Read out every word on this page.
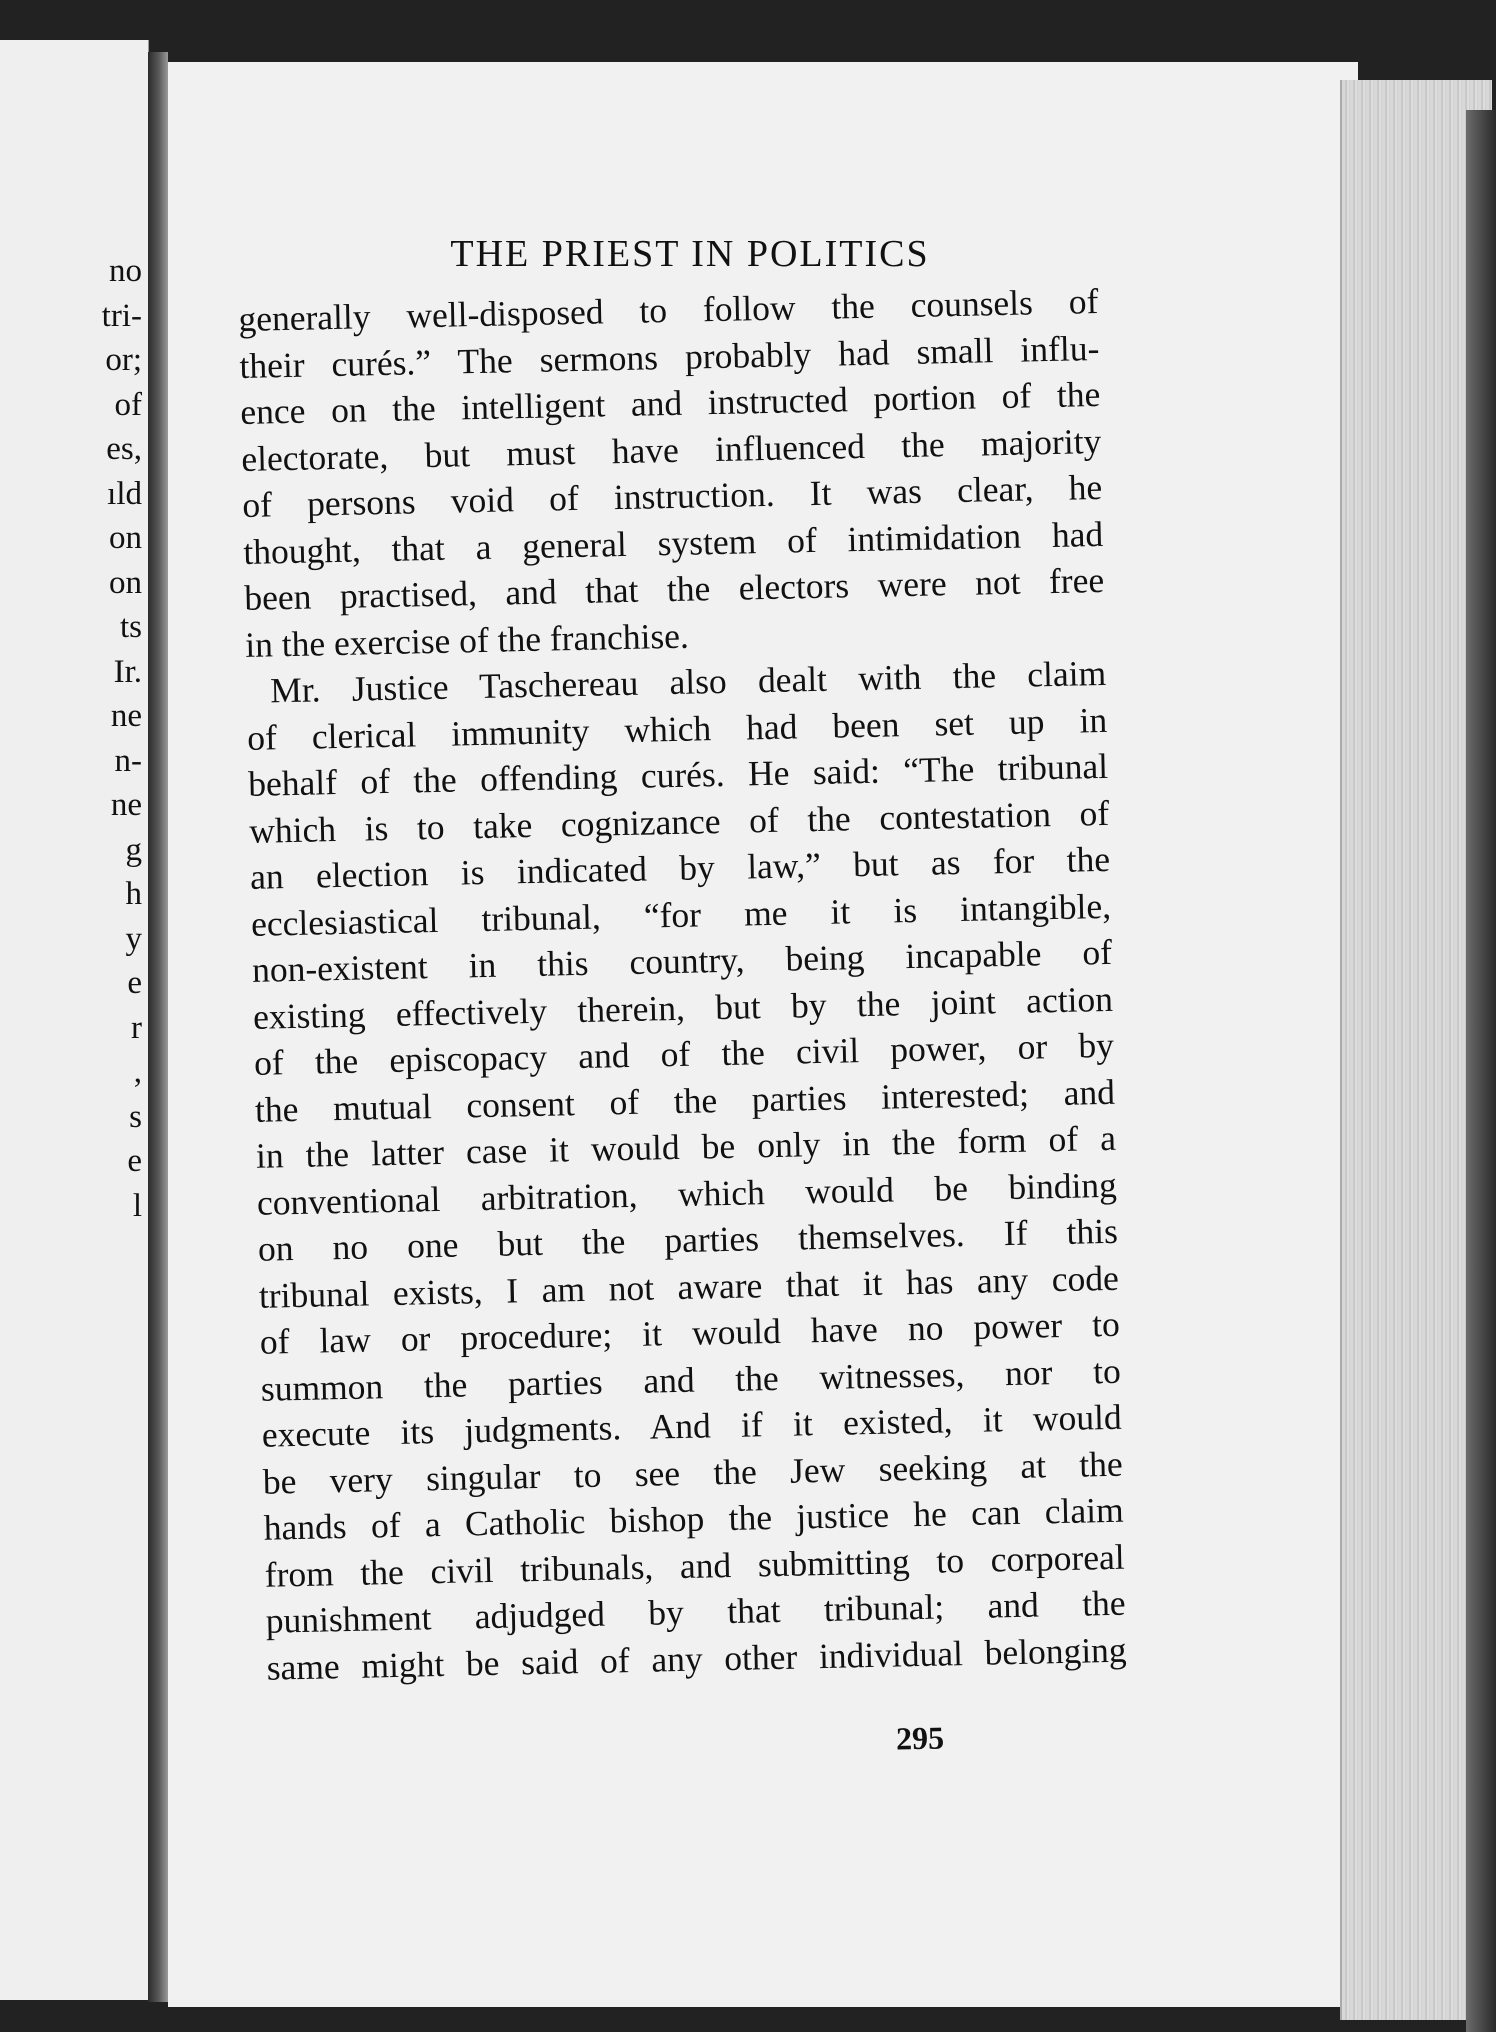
no
tri-
or;
of
es,
ıld
on
on
ts
Ir.
ne
n-
ne
g
h
y
e
r
,
s
e
l
THE PRIEST IN POLITICS
generally well-disposed to follow the counsels of
their curés.” The sermons probably had small influ-
ence on the intelligent and instructed portion of the
electorate, but must have influenced the majority
of persons void of instruction. It was clear, he
thought, that a general system of intimidation had
been practised, and that the electors were not free
in the exercise of the franchise.
Mr. Justice Taschereau also dealt with the claim
of clerical immunity which had been set up in
behalf of the offending curés. He said: “The tribunal
which is to take cognizance of the contestation of
an election is indicated by law,” but as for the
ecclesiastical tribunal, “for me it is intangible,
non-existent in this country, being incapable of
existing effectively therein, but by the joint action
of the episcopacy and of the civil power, or by
the mutual consent of the parties interested; and
in the latter case it would be only in the form of a
conventional arbitration, which would be binding
on no one but the parties themselves. If this
tribunal exists, I am not aware that it has any code
of law or procedure; it would have no power to
summon the parties and the witnesses, nor to
execute its judgments. And if it existed, it would
be very singular to see the Jew seeking at the
hands of a Catholic bishop the justice he can claim
from the civil tribunals, and submitting to corporeal
punishment adjudged by that tribunal; and the
same might be said of any other individual belonging
295
